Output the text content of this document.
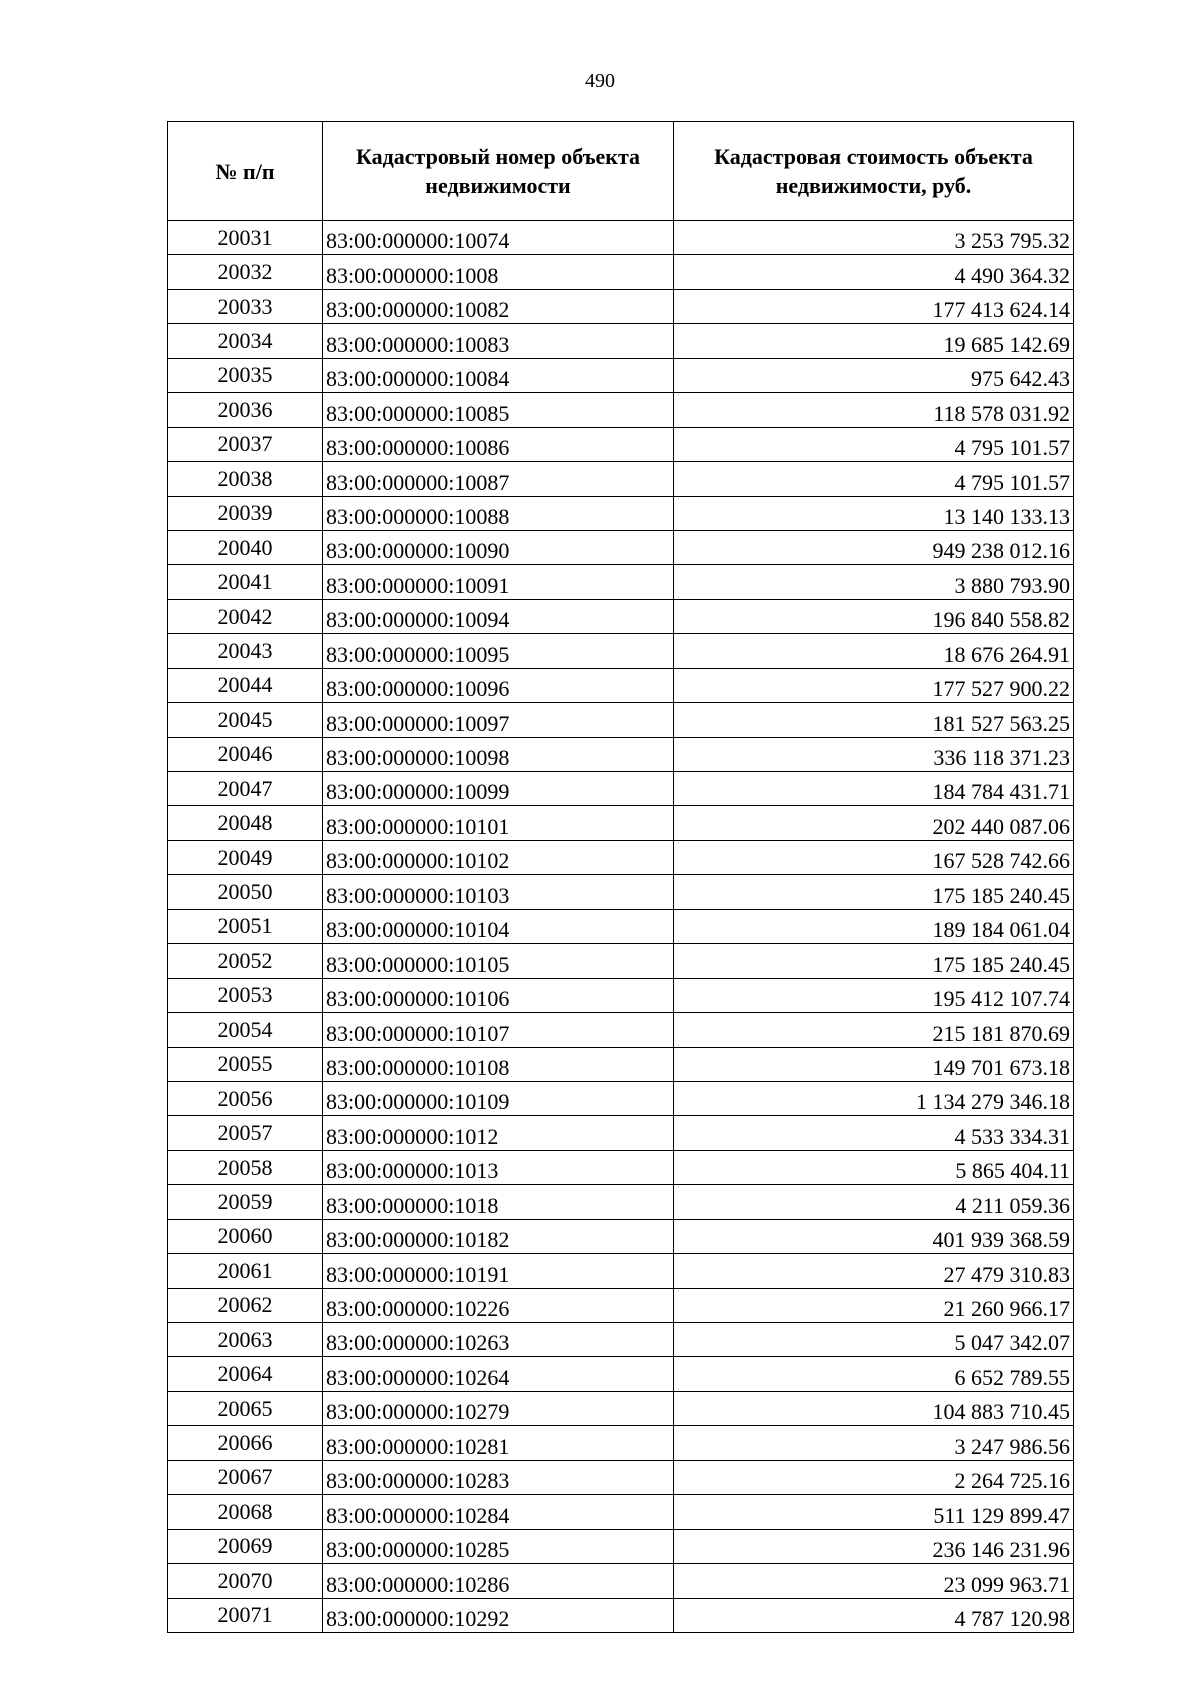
490
№ п/п	Кадастровый номер объекта недвижимости	Кадастровая стоимость объекта недвижимости, руб.
20031	83:00:000000:10074	3 253 795.32
20032	83:00:000000:1008	4 490 364.32
20033	83:00:000000:10082	177 413 624.14
20034	83:00:000000:10083	19 685 142.69
20035	83:00:000000:10084	975 642.43
20036	83:00:000000:10085	118 578 031.92
20037	83:00:000000:10086	4 795 101.57
20038	83:00:000000:10087	4 795 101.57
20039	83:00:000000:10088	13 140 133.13
20040	83:00:000000:10090	949 238 012.16
20041	83:00:000000:10091	3 880 793.90
20042	83:00:000000:10094	196 840 558.82
20043	83:00:000000:10095	18 676 264.91
20044	83:00:000000:10096	177 527 900.22
20045	83:00:000000:10097	181 527 563.25
20046	83:00:000000:10098	336 118 371.23
20047	83:00:000000:10099	184 784 431.71
20048	83:00:000000:10101	202 440 087.06
20049	83:00:000000:10102	167 528 742.66
20050	83:00:000000:10103	175 185 240.45
20051	83:00:000000:10104	189 184 061.04
20052	83:00:000000:10105	175 185 240.45
20053	83:00:000000:10106	195 412 107.74
20054	83:00:000000:10107	215 181 870.69
20055	83:00:000000:10108	149 701 673.18
20056	83:00:000000:10109	1 134 279 346.18
20057	83:00:000000:1012	4 533 334.31
20058	83:00:000000:1013	5 865 404.11
20059	83:00:000000:1018	4 211 059.36
20060	83:00:000000:10182	401 939 368.59
20061	83:00:000000:10191	27 479 310.83
20062	83:00:000000:10226	21 260 966.17
20063	83:00:000000:10263	5 047 342.07
20064	83:00:000000:10264	6 652 789.55
20065	83:00:000000:10279	104 883 710.45
20066	83:00:000000:10281	3 247 986.56
20067	83:00:000000:10283	2 264 725.16
20068	83:00:000000:10284	511 129 899.47
20069	83:00:000000:10285	236 146 231.96
20070	83:00:000000:10286	23 099 963.71
20071	83:00:000000:10292	4 787 120.98
